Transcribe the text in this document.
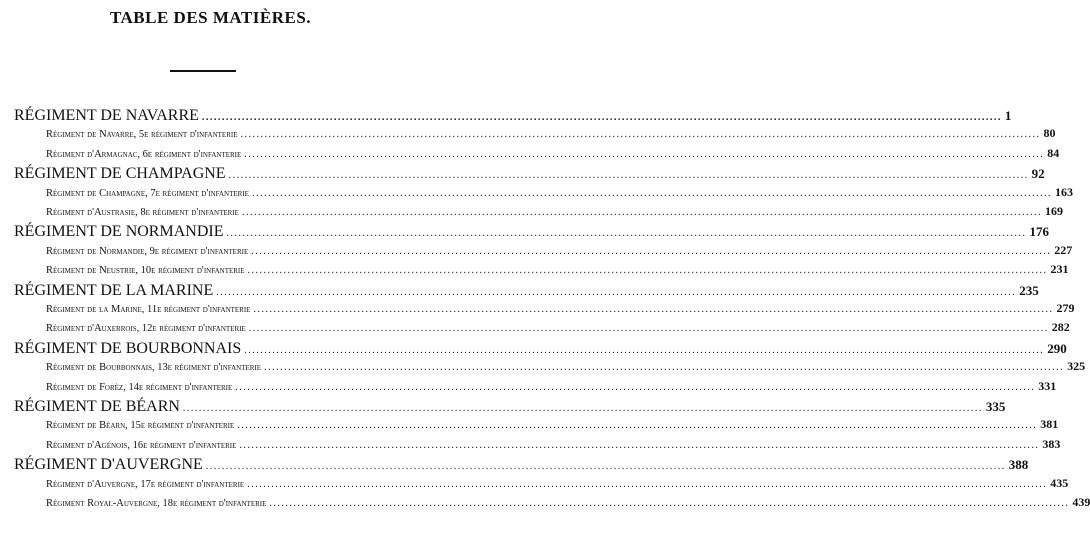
TABLE DES MATIÈRES.
RÉGIMENT DE NAVARRE ........................................................................................................................................................................................................ 1
Régiment de Navarre, 5e régiment d'infanterie ........................................................................................................................................................................................................ 80
Régiment d'Armagnac, 6e régiment d'infanterie ........................................................................................................................................................................................................ 84
RÉGIMENT DE CHAMPAGNE ........................................................................................................................................................................................................ 92
Régiment de Champagne, 7e régiment d'infanterie ........................................................................................................................................................................................................ 163
Régiment d'Austrasie, 8e régiment d'infanterie ........................................................................................................................................................................................................ 169
RÉGIMENT DE NORMANDIE ........................................................................................................................................................................................................ 176
Régiment de Normandie, 9e régiment d'infanterie ........................................................................................................................................................................................................ 227
Régiment de Neustrie, 10e régiment d'infanterie ........................................................................................................................................................................................................ 231
RÉGIMENT DE LA MARINE ........................................................................................................................................................................................................ 235
Régiment de la Marine, 11e régiment d'infanterie ........................................................................................................................................................................................................ 279
Régiment d'Auxerrois, 12e régiment d'infanterie ........................................................................................................................................................................................................ 282
RÉGIMENT DE BOURBONNAIS ........................................................................................................................................................................................................ 290
Régiment de Bourbonnais, 13e régiment d'infanterie ........................................................................................................................................................................................................ 325
Régiment de Forèz, 14e régiment d'infanterie ........................................................................................................................................................................................................ 331
RÉGIMENT DE BÉARN ........................................................................................................................................................................................................ 335
Régiment de Béarn, 15e régiment d'infanterie ........................................................................................................................................................................................................ 381
Régiment d'Agénois, 16e régiment d'infanterie ........................................................................................................................................................................................................ 383
RÉGIMENT D'AUVERGNE ........................................................................................................................................................................................................ 388
Régiment d'Auvergne, 17e régiment d'infanterie ........................................................................................................................................................................................................ 435
Régiment Royal-Auvergne, 18e régiment d'infanterie ........................................................................................................................................................................................................ 439
